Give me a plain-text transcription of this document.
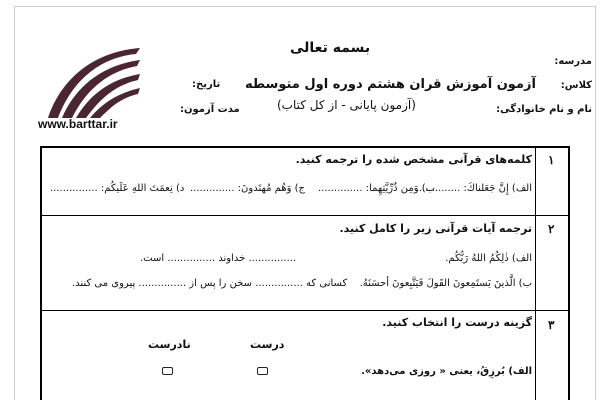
www.barttar.ir
بسمه تعالی
آزمون آموزش قران هشتم دوره اول متوسطه
(آزمون پایانی - از کل کتاب)
مدرسه:
کلاس:
نام و نام خانوادگی:
تاریخ:
مدت آزمون:
۱
کلمه‌های قرآنی مشخص شده را ترجمه کنید.
الف) إِنَّ جَعَلناكَ: ..............
ب) وَمِن ذُرِّيَّتِهِما: ..............
ج) وَهُم مُهتَدونَ: ..............
د) نِعمَتَ اللهِ عَلَيكُم: ...............
۲
ترجمه آیات قرآنی زیر را کامل کنید.
الف) ذٰلِكُمُ اللهُ رَبُّكُم.
............... خداوند ............... است.
ب) الَّذينَ يَستَمِعونَ القَولَ فَيَتَّبِعونَ أحسَنَهُ.
کسانی که ............... سخن را پس از ............... پیروی می کنند.
۳
گزینه درست را انتخاب کنید.
درست
نادرست
الف) بُرزِقُ، یعنی « روزی می‌دهد».
